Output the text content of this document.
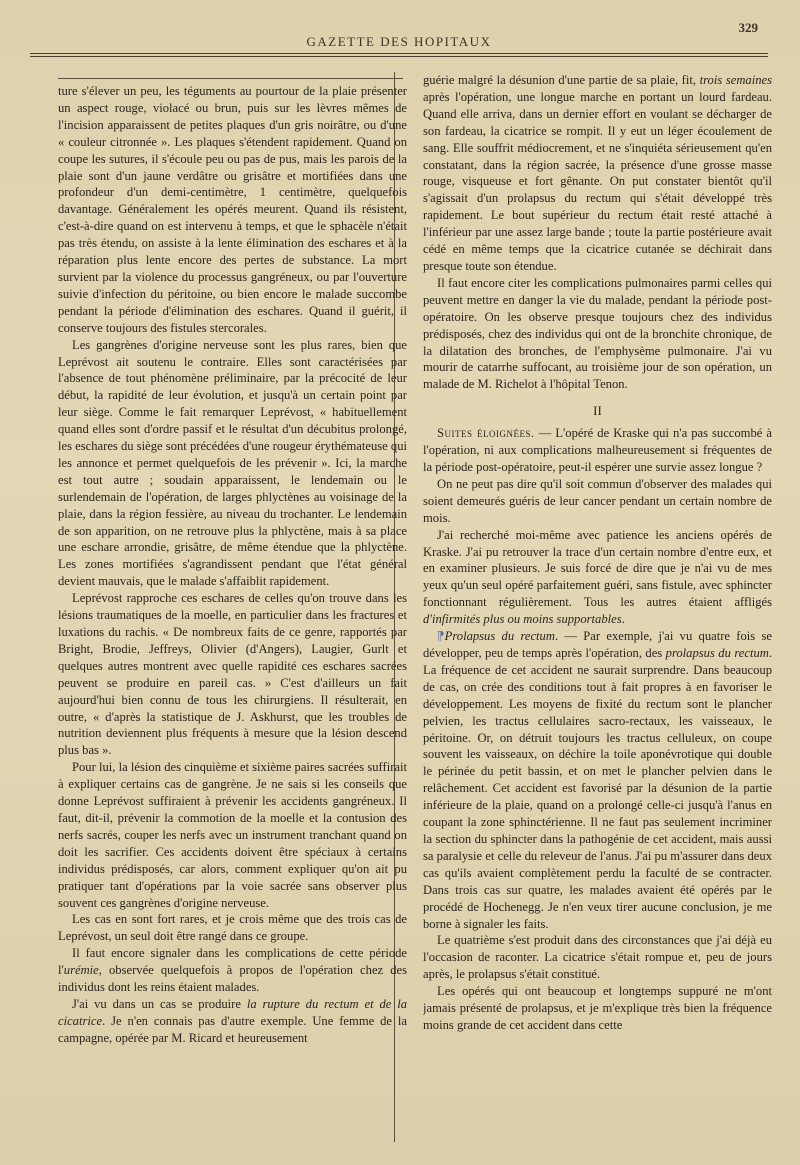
GAZETTE DES HOPITAUX
329

ture s'élever un peu, les téguments au pourtour de la plaie présenter un aspect rouge, violacé ou brun, puis sur les lèvres mêmes de l'incision apparaissent de petites plaques d'un gris noirâtre, ou d'une « couleur citronnée ». Les plaques s'étendent rapidement. Quand on coupe les sutures, il s'écoule peu ou pas de pus, mais les parois de la plaie sont d'un jaune verdâtre ou grisâtre et mortifiées dans une profondeur d'un demi-centimètre, 1 centimètre, quelquefois davantage. Généralement les opérés meurent. Quand ils résistent, c'est-à-dire quand on est intervenu à temps, et que le sphacèle n'était pas très étendu, on assiste à la lente élimination des eschares et à la réparation plus lente encore des pertes de substance. La mort survient par la violence du processus gangréneux, ou par l'ouverture suivie d'infection du péritoine, ou bien encore le malade succombe pendant la période d'élimination des eschares. Quand il guérit, il conserve toujours des fistules stercorales.

Les gangrènes d'origine nerveuse sont les plus rares, bien que Leprévost ait soutenu le contraire. Elles sont caractérisées par l'absence de tout phénomène préliminaire, par la précocité de leur début, la rapidité de leur évolution, et jusqu'à un certain point par leur siège. Comme le fait remarquer Leprévost, « habituellement quand elles sont d'ordre passif et le résultat d'un décubitus prolongé, les eschares du siège sont précédées d'une rougeur érythémateuse qui les annonce et permet quelquefois de les prévenir ». Ici, la marche est tout autre ; soudain apparaissent, le lendemain ou le surlendemain de l'opération, de larges phlyctènes au voisinage de la plaie, dans la région fessière, au niveau du trochanter. Le lendemain de son apparition, on ne retrouve plus la phlyctène, mais à sa place une eschare arrondie, grisâtre, de même étendue que la phlyctène. Les zones mortifiées s'agrandissent pendant que l'état général devient mauvais, que le malade s'affaiblit rapidement.

Leprévost rapproche ces eschares de celles qu'on trouve dans les lésions traumatiques de la moelle, en particulier dans les fractures et luxations du rachis. « De nombreux faits de ce genre, rapportés par Bright, Brodie, Jeffreys, Olivier (d'Angers), Laugier, Gurlt et quelques autres montrent avec quelle rapidité ces eschares sacrées peuvent se produire en pareil cas. » C'est d'ailleurs un fait aujourd'hui bien connu de tous les chirurgiens. Il résulterait, en outre, « d'après la statistique de J. Askhurst, que les troubles de nutrition deviennent plus fréquents à mesure que la lésion descend plus bas ».

Pour lui, la lésion des cinquième et sixième paires sacrées suffirait à expliquer certains cas de gangrène. Je ne sais si les conseils que donne Leprévost suffiraient à prévenir les accidents gangréneux. Il faut, dit-il, prévenir la commotion de la moelle et la contusion des nerfs sacrés, couper les nerfs avec un instrument tranchant quand on doit les sacrifier. Ces accidents doivent être spéciaux à certains individus prédisposés, car alors, comment expliquer qu'on ait pu pratiquer tant d'opérations par la voie sacrée sans observer plus souvent ces gangrènes d'origine nerveuse.

Les cas en sont fort rares, et je crois même que des trois cas de Leprévost, un seul doit être rangé dans ce groupe.

Il faut encore signaler dans les complications de cette période l'urémie, observée quelquefois à propos de l'opération chez des individus dont les reins étaient malades.

J'ai vu dans un cas se produire la rupture du rectum et de la cicatrice. Je n'en connais pas d'autre exemple. Une femme de la campagne, opérée par M. Ricard et heureusement

guérie malgré la désunion d'une partie de sa plaie, fit, trois semaines après l'opération, une longue marche en portant un lourd fardeau. Quand elle arriva, dans un dernier effort en voulant se décharger de son fardeau, la cicatrice se rompit. Il y eut un léger écoulement de sang. Elle souffrit médiocrement, et ne s'inquiéta sérieusement qu'en constatant, dans la région sacrée, la présence d'une grosse masse rouge, visqueuse et fort gênante. On put constater bientôt qu'il s'agissait d'un prolapsus du rectum qui s'était développé très rapidement. Le bout supérieur du rectum était resté attaché à l'inférieur par une assez large bande ; toute la partie postérieure avait cédé en même temps que la cicatrice cutanée se déchirait dans presque toute son étendue.

Il faut encore citer les complications pulmonaires parmi celles qui peuvent mettre en danger la vie du malade, pendant la période post-opératoire. On les observe presque toujours chez des individus prédisposés, chez des individus qui ont de la bronchite chronique, de la dilatation des bronches, de l'emphysème pulmonaire. J'ai vu mourir de catarrhe suffocant, au troisième jour de son opération, un malade de M. Richelot à l'hôpital Tenon.

II

Suites éloignées. — L'opéré de Kraske qui n'a pas succombé à l'opération, ni aux complications malheureusement si fréquentes de la période post-opératoire, peut-il espérer une survie assez longue ?

On ne peut pas dire qu'il soit commun d'observer des malades qui soient demeurés guéris de leur cancer pendant un certain nombre de mois.

J'ai recherché moi-même avec patience les anciens opérés de Kraske. J'ai pu retrouver la trace d'un certain nombre d'entre eux, et en examiner plusieurs. Je suis forcé de dire que je n'ai vu de mes yeux qu'un seul opéré parfaitement guéri, sans fistule, avec sphincter fonctionnant régulièrement. Tous les autres étaient affligés d'infirmités plus ou moins supportables.

⁋Prolapsus du rectum. — Par exemple, j'ai vu quatre fois se développer, peu de temps après l'opération, des prolapsus du rectum. La fréquence de cet accident ne saurait surprendre. Dans beaucoup de cas, on crée des conditions tout à fait propres à en favoriser le développement. Les moyens de fixité du rectum sont le plancher pelvien, les tractus cellulaires sacro-rectaux, les vaisseaux, le péritoine. Or, on détruit toujours les tractus celluleux, on coupe souvent les vaisseaux, on déchire la toile aponévrotique qui double le périnée du petit bassin, et on met le plancher pelvien dans le relâchement. Cet accident est favorisé par la désunion de la partie inférieure de la plaie, quand on a prolongé celle-ci jusqu'à l'anus en coupant la zone sphinctérienne. Il ne faut pas seulement incriminer la section du sphincter dans la pathogénie de cet accident, mais aussi sa paralysie et celle du releveur de l'anus. J'ai pu m'assurer dans deux cas qu'ils avaient complètement perdu la faculté de se contracter. Dans trois cas sur quatre, les malades avaient été opérés par le procédé de Hochenegg. Je n'en veux tirer aucune conclusion, je me borne à signaler les faits.

Le quatrième s'est produit dans des circonstances que j'ai déjà eu l'occasion de raconter. La cicatrice s'était rompue et, peu de jours après, le prolapsus s'était constitué.

Les opérés qui ont beaucoup et longtemps suppuré ne m'ont jamais présenté de prolapsus, et je m'explique très bien la fréquence moins grande de cet accident dans cette
